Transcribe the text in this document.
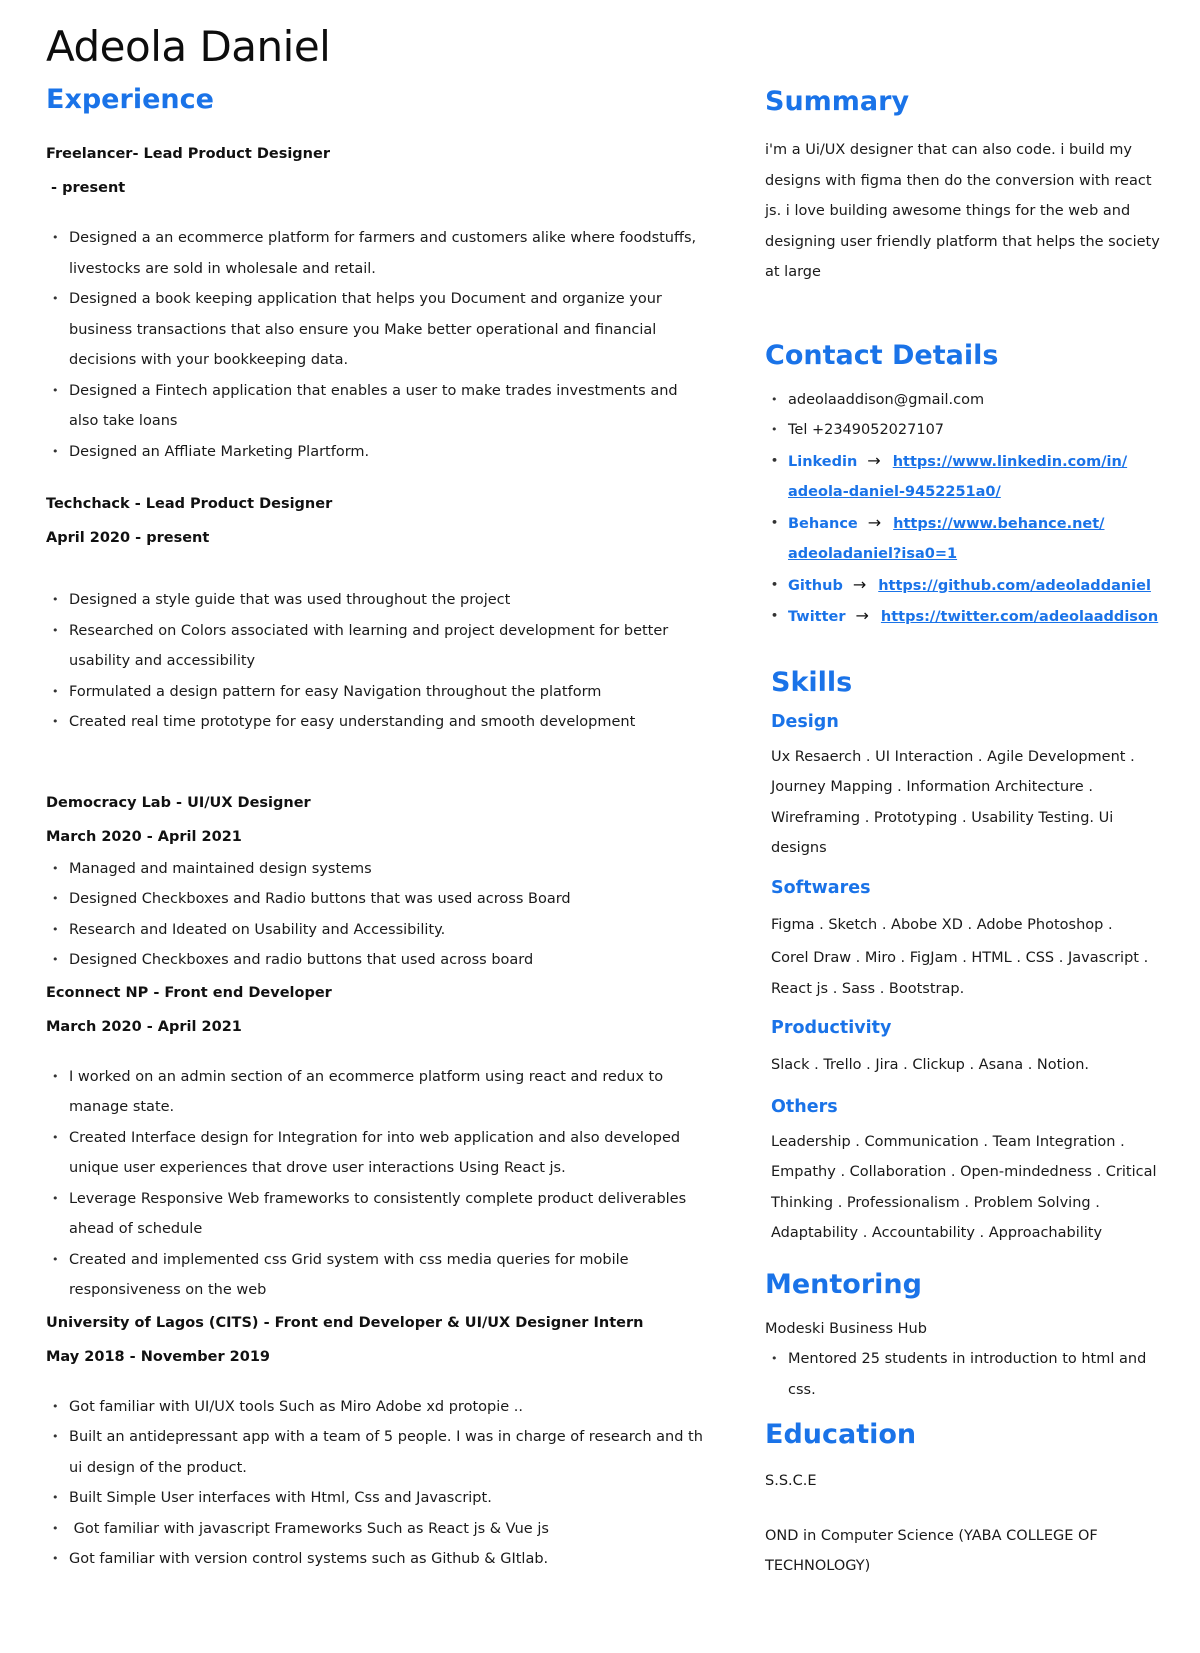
Adeola Daniel
Experience
Freelancer- Lead Product Designer
- present
• Designed a an ecommerce platform for farmers and customers alike where foodstuffs, livestocks are sold in wholesale and retail.
• Designed a book keeping application that helps you Document and organize your business transactions that also ensure you Make better operational and financial decisions with your bookkeeping data.
• Designed a Fintech application that enables a user to make trades investments and also take loans
• Designed an Affliate Marketing Plartform.
Techchack - Lead Product Designer
April 2020 - present
• Designed a style guide that was used throughout the project
• Researched on Colors associated with learning and project development for better usability and accessibility
• Formulated a design pattern for easy Navigation throughout the platform
• Created real time prototype for easy understanding and smooth development
Democracy Lab - UI/UX Designer
March 2020 - April 2021
• Managed and maintained design systems
• Designed Checkboxes and Radio buttons that was used across Board
• Research and Ideated on Usability and Accessibility.
• Designed Checkboxes and radio buttons that used across board
Econnect NP - Front end Developer
March 2020 - April 2021
• I worked on an admin section of an ecommerce platform using react and redux to manage state.
• Created Interface design for Integration for into web application and also developed unique user experiences that drove user interactions Using React js.
• Leverage Responsive Web frameworks to consistently complete product deliverables ahead of schedule
• Created and implemented css Grid system with css media queries for mobile responsiveness on the web
University of Lagos (CITS) - Front end Developer & UI/UX Designer Intern
May 2018 - November 2019
• Got familiar with UI/UX tools Such as Miro Adobe xd protopie ..
• Built an antidepressant app with a team of 5 people. I was in charge of research and th ui design of the product.
• Built Simple User interfaces with Html, Css and Javascript.
•  Got familiar with javascript Frameworks Such as React js & Vue js
• Got familiar with version control systems such as Github & GItlab.
Summary

i'm a Ui/UX designer that can also code. i build my designs with figma then do the conversion with react js. i love building awesome things for the web and designing user friendly platform that helps the society at large

Contact Details
• adeolaaddison@gmail.com
• Tel +2349052027107
• Linkedin → https://www.linkedin.com/in/
adeola-daniel-9452251a0/
• Behance → https://www.behance.net/
adeoladaniel?isa0=1
• Github → https://github.com/adeoladdaniel
• Twitter → https://twitter.com/adeolaaddison
Skills
Design

Ux Resaerch . UI Interaction . Agile Development .

Journey Mapping . Information Architecture .

Wireframing . Prototyping . Usability Testing. Ui designs

Softwares

Figma . Sketch . Abobe XD . Adobe Photoshop .

Corel Draw . Miro . FigJam . HTML . CSS . Javascript .

React js . Sass . Bootstrap.

Productivity

Slack . Trello . Jira . Clickup . Asana . Notion.

Others

Leadership . Communication . Team Integration .

Empathy . Collaboration . Open-mindedness . Critical

Thinking . Professionalism . Problem Solving .

Adaptability . Accountability . Approachability

Mentoring

Modeski Business Hub

• Mentored 25 students in introduction to html and css.
Education

S.S.C.E

OND in Computer Science (YABA COLLEGE OF TECHNOLOGY)
